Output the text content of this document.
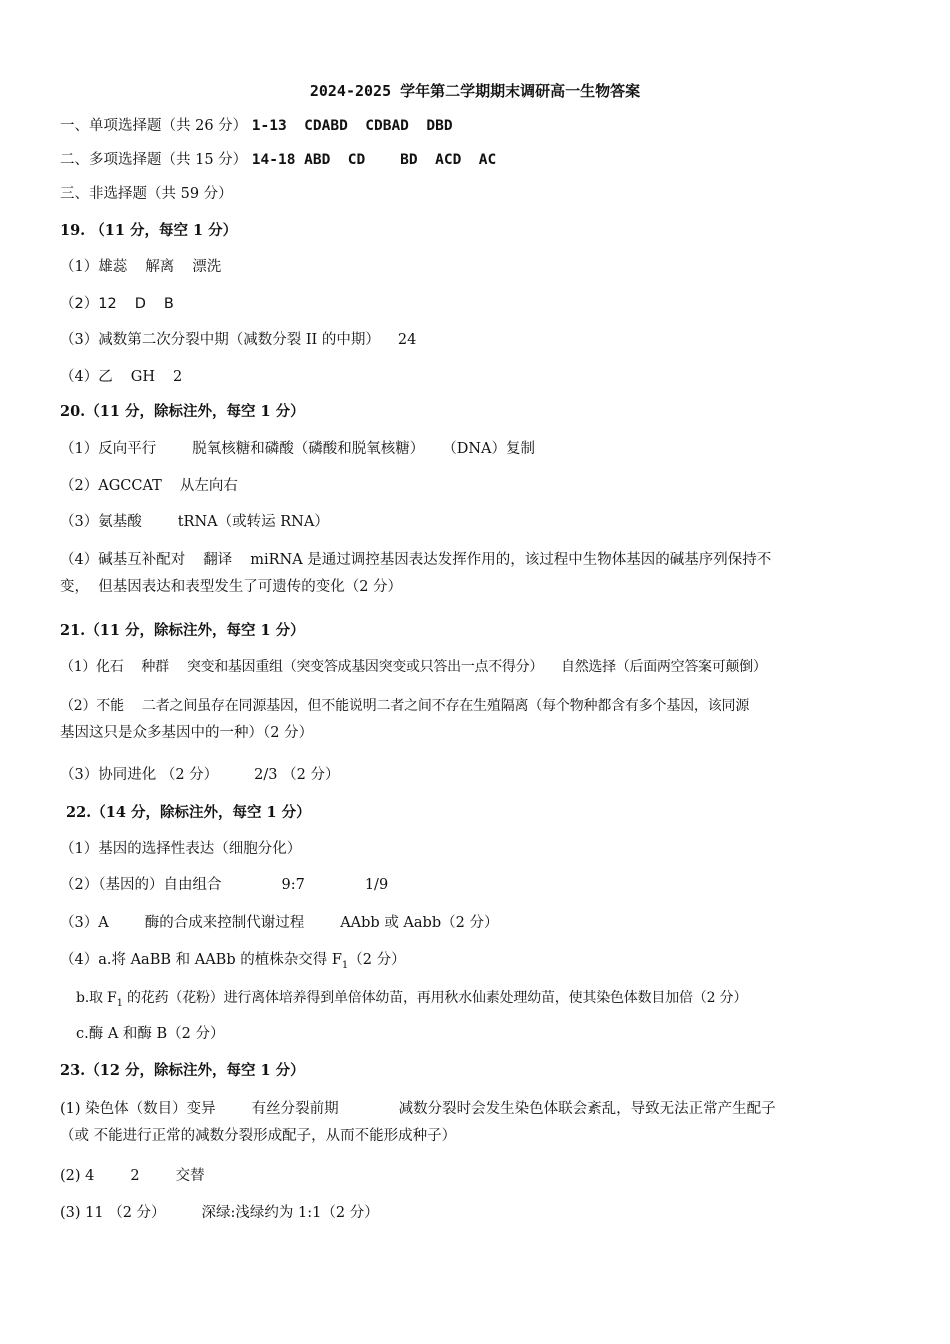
2024-2025 学年第二学期期末调研高一生物答案
一、单项选择题（共 26 分） 1-13  CDABD  CDBAD  DBD
二、多项选择题（共 15 分） 14-18 ABD  CD    BD  ACD  AC
三、非选择题（共 59 分）
19. （11 分，每空 1 分）
（1）雄蕊 解离 漂洗
（2）12 D B
（3）减数第二次分裂中期（减数分裂 II 的中期） 24
（4）乙 GH 2
20.（11 分，除标注外，每空 1 分）
（1）反向平行 脱氧核糖和磷酸（磷酸和脱氧核糖） （DNA）复制
（2）AGCCAT 从左向右
（3）氨基酸 tRNA（或转运 RNA）
（4）碱基互补配对 翻译 miRNA 是通过调控基因表达发挥作用的，该过程中生物体基因的碱基序列保持不
变，  但基因表达和表型发生了可遗传的变化（2 分）
21.（11 分，除标注外，每空 1 分）
（1）化石 种群 突变和基因重组（突变答成基因突变或只答出一点不得分） 自然选择（后面两空答案可颠倒）
（2）不能 二者之间虽存在同源基因，但不能说明二者之间不存在生殖隔离（每个物种都含有多个基因，该同源
基因这只是众多基因中的一种）（2 分）
（3）协同进化 （2 分） 2/3 （2 分）
22.（14 分，除标注外，每空 1 分）
（1）基因的选择性表达（细胞分化）
（2）（基因的）自由组合	9:7	1/9
（3）A 酶的合成来控制代谢过程 AAbb 或 Aabb（2 分）
（4）a.将 AaBB 和 AABb 的植株杂交得 $F_1(2$ 分）
b.取 $F_1$ 的花药（花粉）进行离体培养得到单倍体幼苗，再用秋水仙素处理幼苗，使其染色体数目加倍（2 分）
c.酶 A 和酶 B（2 分）
23.（12 分，除标注外，每空 1 分）
(1) 染色体（数目）变异 有丝分裂前期	减数分裂时会发生染色体联会紊乱，导致无法正常产生配子
（或 不能进行正常的减数分裂形成配子，从而不能形成种子）
(2) 4 2 交替
(3) 11 （2 分） 深绿:浅绿约为 1:1（2 分）
